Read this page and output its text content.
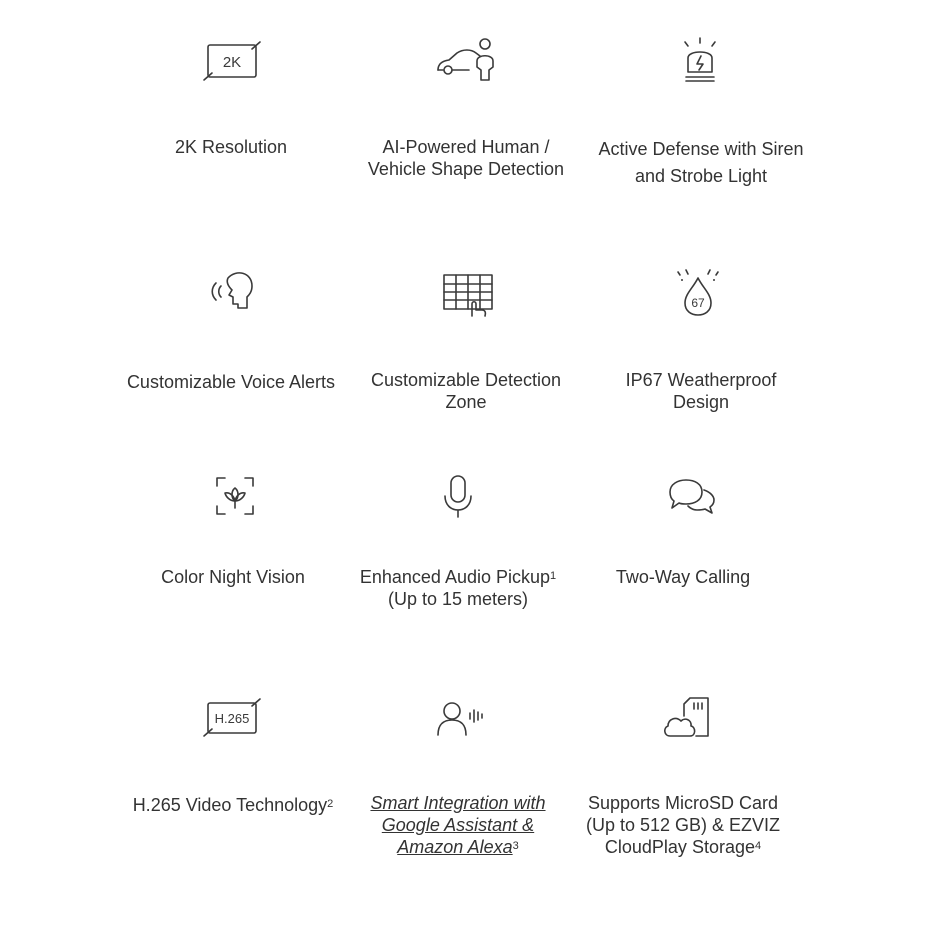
2K
2K Resolution	AI-Powered Human / Vehicle Shape Detection
Active Defense with Siren and Strobe Light
Customizable Voice Alerts	Customizable Detection Zone
67
IP67 Weatherproof Design
Color Night Vision	Enhanced Audio Pickup$^1$ (Up to 15 meters)
Two-Way Calling
H.265
H.265 Video Technology$^2$	Smart Integration with Google Assistant & Amazon Alexa$^3$
Supports MicroSD Card (Up to 512 GB) & EZVIZ CloudPlay Storage$^4$
